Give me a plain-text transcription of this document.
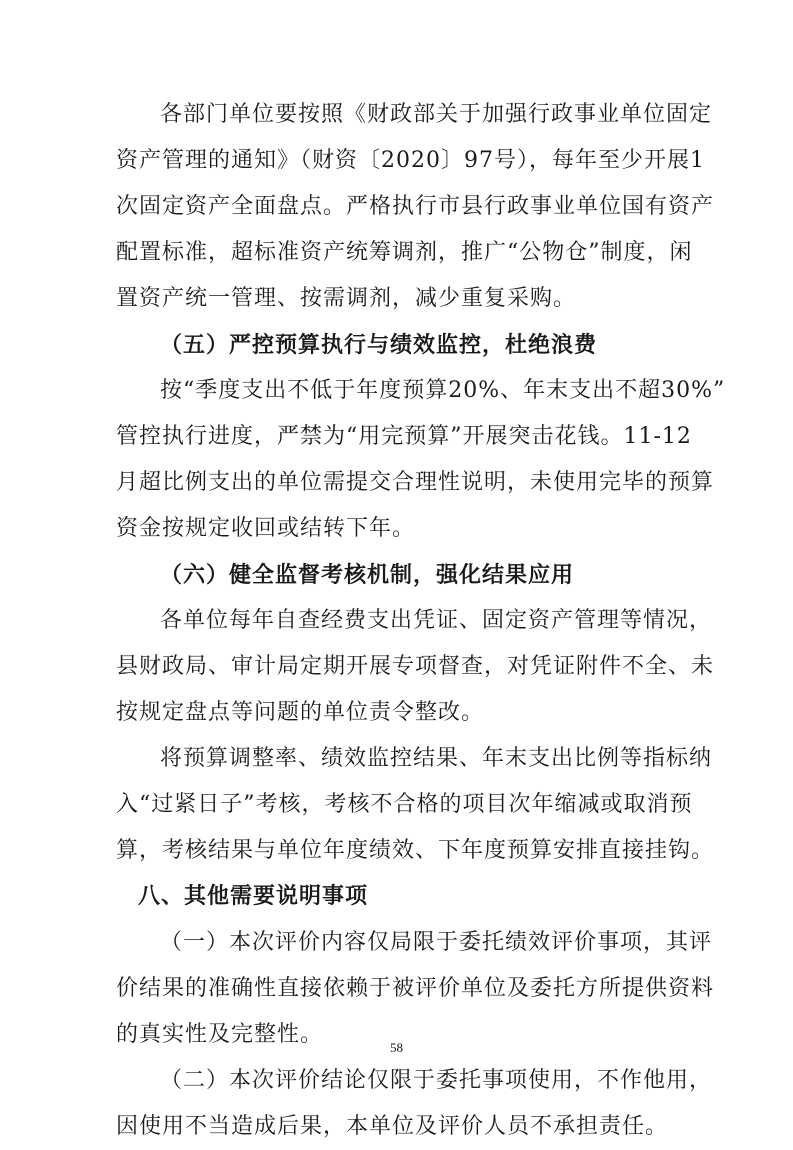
各部门单位要按照《财政部关于加强行政事业单位固定
资产管理的通知》（财资〔2020〕97号），每年至少开展1
次固定资产全面盘点。严格执行市县行政事业单位国有资产
配置标准，超标准资产统筹调剂，推广“公物仓”制度，闲
置资产统一管理、按需调剂，减少重复采购。
（五）严控预算执行与绩效监控，杜绝浪费
按“季度支出不低于年度预算20%、年末支出不超30%”
管控执行进度，严禁为“用完预算”开展突击花钱。11-12
月超比例支出的单位需提交合理性说明，未使用完毕的预算
资金按规定收回或结转下年。
（六）健全监督考核机制，强化结果应用
各单位每年自查经费支出凭证、固定资产管理等情况，
县财政局、审计局定期开展专项督查，对凭证附件不全、未
按规定盘点等问题的单位责令整改。
将预算调整率、绩效监控结果、年末支出比例等指标纳
入“过紧日子”考核，考核不合格的项目次年缩减或取消预
算，考核结果与单位年度绩效、下年度预算安排直接挂钩。
八、其他需要说明事项
（一）本次评价内容仅局限于委托绩效评价事项，其评
价结果的准确性直接依赖于被评价单位及委托方所提供资料
的真实性及完整性。
（二）本次评价结论仅限于委托事项使用，不作他用，
因使用不当造成后果，本单位及评价人员不承担责任。
58
